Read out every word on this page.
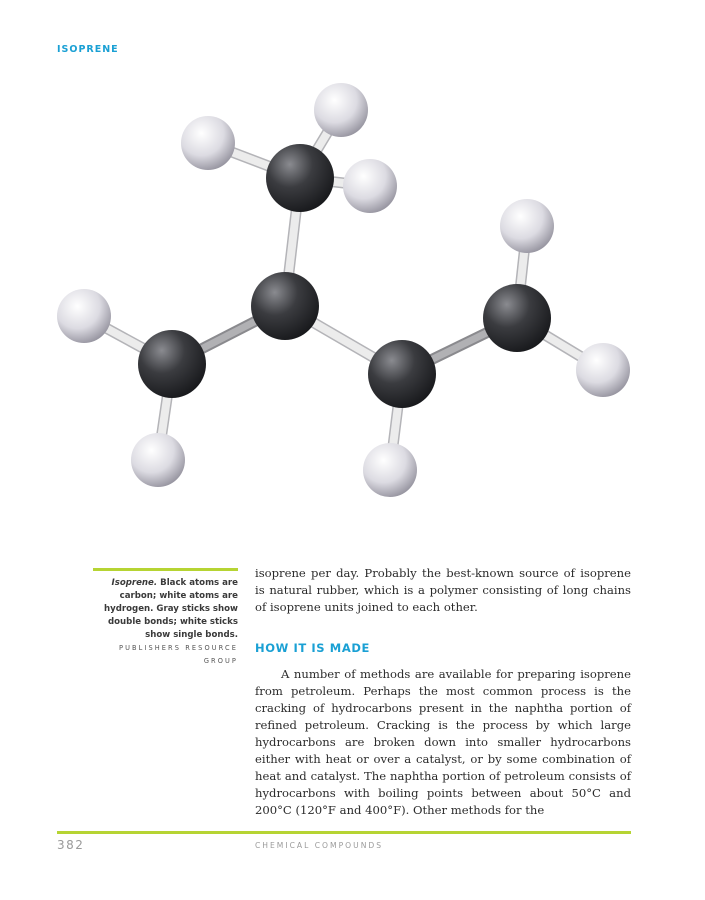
ISOPRENE
Isoprene. Black atoms are carbon; white atoms are hydrogen. Gray sticks show double bonds; white sticks show single bonds. PUBLISHERS RESOURCE GROUP
isoprene per day. Probably the best-known source of isoprene is natural rubber, which is a polymer consisting of long chains of isoprene units joined to each other.
HOW IT IS MADE
A number of methods are available for preparing isoprene from petroleum. Perhaps the most common process is the cracking of hydrocarbons present in the naphtha portion of refined petroleum. Cracking is the process by which large hydrocarbons are broken down into smaller hydrocarbons either with heat or over a catalyst, or by some combination of heat and catalyst. The naphtha portion of petroleum consists of hydrocarbons with boiling points between about 50°C and 200°C (120°F and 400°F). Other methods for the
382	CHEMICAL COMPOUNDS
